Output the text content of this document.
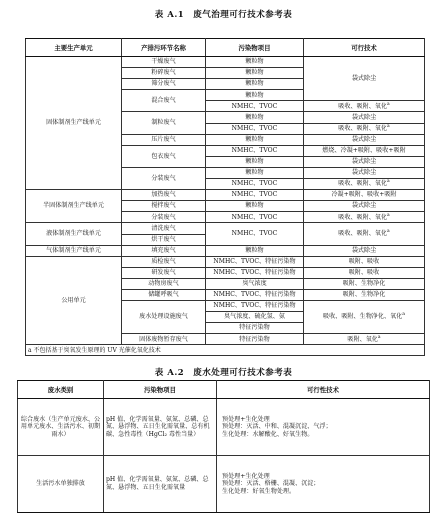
表 A.1　废气治理可行技术参考表
主要生产单元	产排污环节名称	污染物项目	可行技术
固体制剂生产线单元	干燥废气	颗粒物	袋式除尘
	粉碎废气	颗粒物	
	筛分废气	颗粒物	
	混合废气	颗粒物	
		NMHC、TVOC	吸收、吸附、氧化$^a$
	制粒废气	颗粒物	袋式除尘
		NMHC、TVOC	吸收、吸附、氧化$^a$
	压片废气	颗粒物	袋式除尘
	包衣废气	NMHC、TVOC	燃烧、冷凝+吸附、吸收+吸附
		颗粒物	袋式除尘
	分装废气	颗粒物	袋式除尘
		NMHC、TVOC	吸收、吸附、氧化$^a$
半固体制剂生产线单元	加热废气	NMHC、TVOC	冷凝+吸附、吸收+吸附
	搅拌废气	颗粒物	袋式除尘
	分装废气	NMHC、TVOC	吸收、吸附、氧化$^a$
液体制剂生产线单元	清洗废气	NMHC、TVOC	吸收、吸附、氧化$^a$
	烘干废气		
气体制剂生产线单元	填充废气	颗粒物	袋式除尘
公用单元	质检废气	NMHC、TVOC、特征污染物	吸附、吸收
	研发废气	NMHC、TVOC、特征污染物	吸附、吸收
	动物房废气	臭气浓度	吸附、生物净化
	储罐呼吸气	NMHC、TVOC、特征污染物	吸附、生物净化
	废水处理设施废气	NMHC、TVOC、特征污染物	吸收、吸附、生物净化、氧化$^a$
		臭气浓度、硫化氢、氨	
		特征污染物	
	固体废物暂存废气	特征污染物	吸附、氧化$^a$
a 不包括基于臭氧发生原理的 UV 光催化氧化技术			
表 A.2　废水处理可行技术参考表
废水类别	污染物项目	可行性技术
综合废水（生产单元废水、公用单元废水、生活污水、初期雨水）	pH 值、化学需氧量、氨氮、总磷、总氮、悬浮物、五日生化需氧量、总有机碳、急性毒性（HgCl₂ 毒性当量）	预处理+生化处理
预处理：灭活、中和、混凝沉淀、气浮；
生化处理：水解酸化、好氧生物。

生活污水单独排放	pH 值、化学需氧量、氨氮、总磷、总氮、悬浮物、五日生化需氧量	预处理+生化处理
预处理：灭活、格栅、混凝、沉淀；
生化处理：好氧生物处理。
